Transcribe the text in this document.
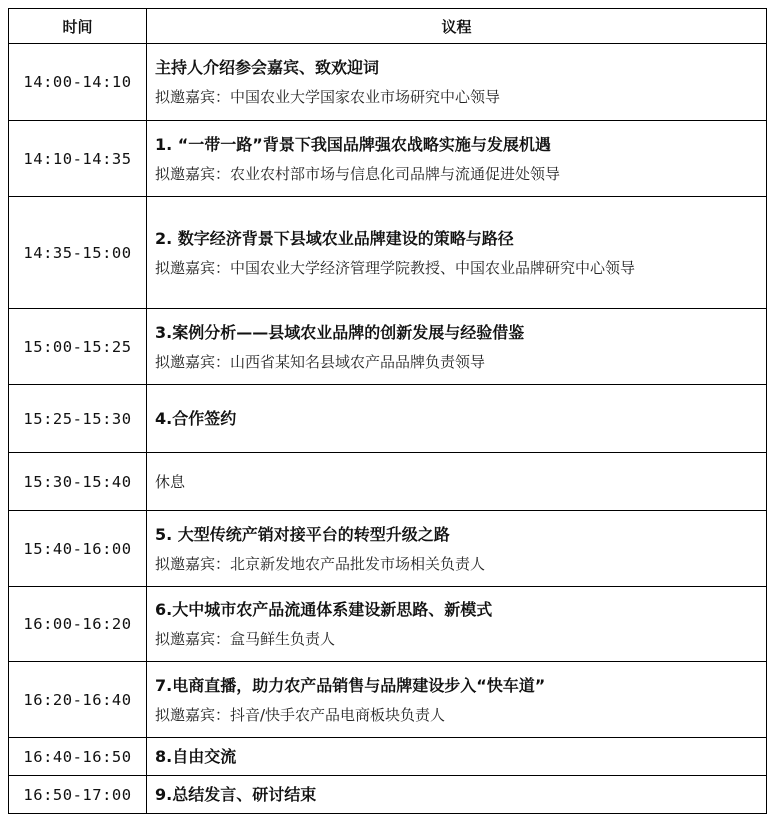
时间	议程
14:00-14:10	主持人介绍参会嘉宾、致欢迎词
拟邀嘉宾：中国农业大学国家农业市场研究中心领导

14:10-14:35	1. “一带一路”背景下我国品牌强农战略实施与发展机遇
拟邀嘉宾：农业农村部市场与信息化司品牌与流通促进处领导

14:35-15:00	2. 数字经济背景下县域农业品牌建设的策略与路径
拟邀嘉宾：中国农业大学经济管理学院教授、中国农业品牌研究中心领导

15:00-15:25	3.案例分析——县域农业品牌的创新发展与经验借鉴
拟邀嘉宾：山西省某知名县域农产品品牌负责领导

15:25-15:30	4.合作签约

15:30-15:40	休息

15:40-16:00	5. 大型传统产销对接平台的转型升级之路
拟邀嘉宾：北京新发地农产品批发市场相关负责人

16:00-16:20	6.大中城市农产品流通体系建设新思路、新模式
拟邀嘉宾：盒马鲜生负责人

16:20-16:40	7.电商直播，助力农产品销售与品牌建设步入“快车道”
拟邀嘉宾：抖音/快手农产品电商板块负责人

16:40-16:50	8.自由交流

16:50-17:00	9.总结发言、研讨结束
